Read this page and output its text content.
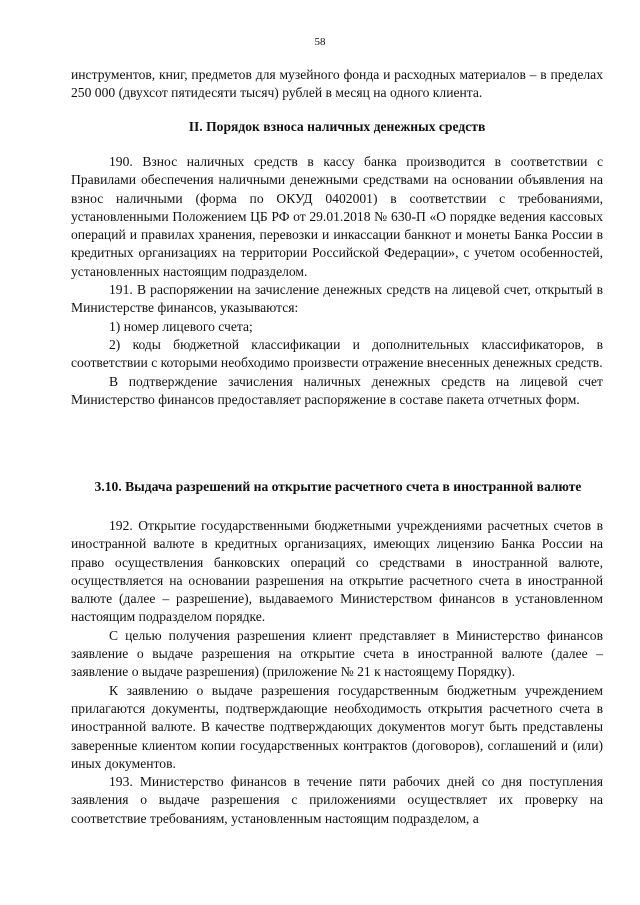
58

инструментов, книг, предметов для музейного фонда и расходных материалов – в пределах 250 000 (двухсот пятидесяти тысяч) рублей в месяц на одного клиента.

II. Порядок взноса наличных денежных средств

190. Взнос наличных средств в кассу банка производится в соответствии с Правилами обеспечения наличными денежными средствами на основании объявления на взнос наличными (форма по ОКУД 0402001) в соответствии с требованиями, установленными Положением ЦБ РФ от 29.01.2018 № 630-П «О порядке ведения кассовых операций и правилах хранения, перевозки и инкассации банкнот и монеты Банка России в кредитных организациях на территории Российской Федерации», с учетом особенностей, установленных настоящим подразделом.

191. В распоряжении на зачисление денежных средств на лицевой счет, открытый в Министерстве финансов, указываются:

1) номер лицевого счета;

2) коды бюджетной классификации и дополнительных классификаторов, в соответствии с которыми необходимо произвести отражение внесенных денежных средств.

В подтверждение зачисления наличных денежных средств на лицевой счет Министерство финансов предоставляет распоряжение в составе пакета отчетных форм.

3.10. Выдача разрешений на открытие расчетного счета в иностранной валюте

192. Открытие государственными бюджетными учреждениями расчетных счетов в иностранной валюте в кредитных организациях, имеющих лицензию Банка России на право осуществления банковских операций со средствами в иностранной валюте, осуществляется на основании разрешения на открытие расчетного счета в иностранной валюте (далее – разрешение), выдаваемого Министерством финансов в установленном настоящим подразделом порядке.

С целью получения разрешения клиент представляет в Министерство финансов заявление о выдаче разрешения на открытие счета в иностранной валюте (далее – заявление о выдаче разрешения) (приложение № 21 к настоящему Порядку).

К заявлению о выдаче разрешения государственным бюджетным учреждением прилагаются документы, подтверждающие необходимость открытия расчетного счета в иностранной валюте. В качестве подтверждающих документов могут быть представлены заверенные клиентом копии государственных контрактов (договоров), соглашений и (или) иных документов.

193. Министерство финансов в течение пяти рабочих дней со дня поступления заявления о выдаче разрешения с приложениями осуществляет их проверку на соответствие требованиям, установленным настоящим подразделом, а
